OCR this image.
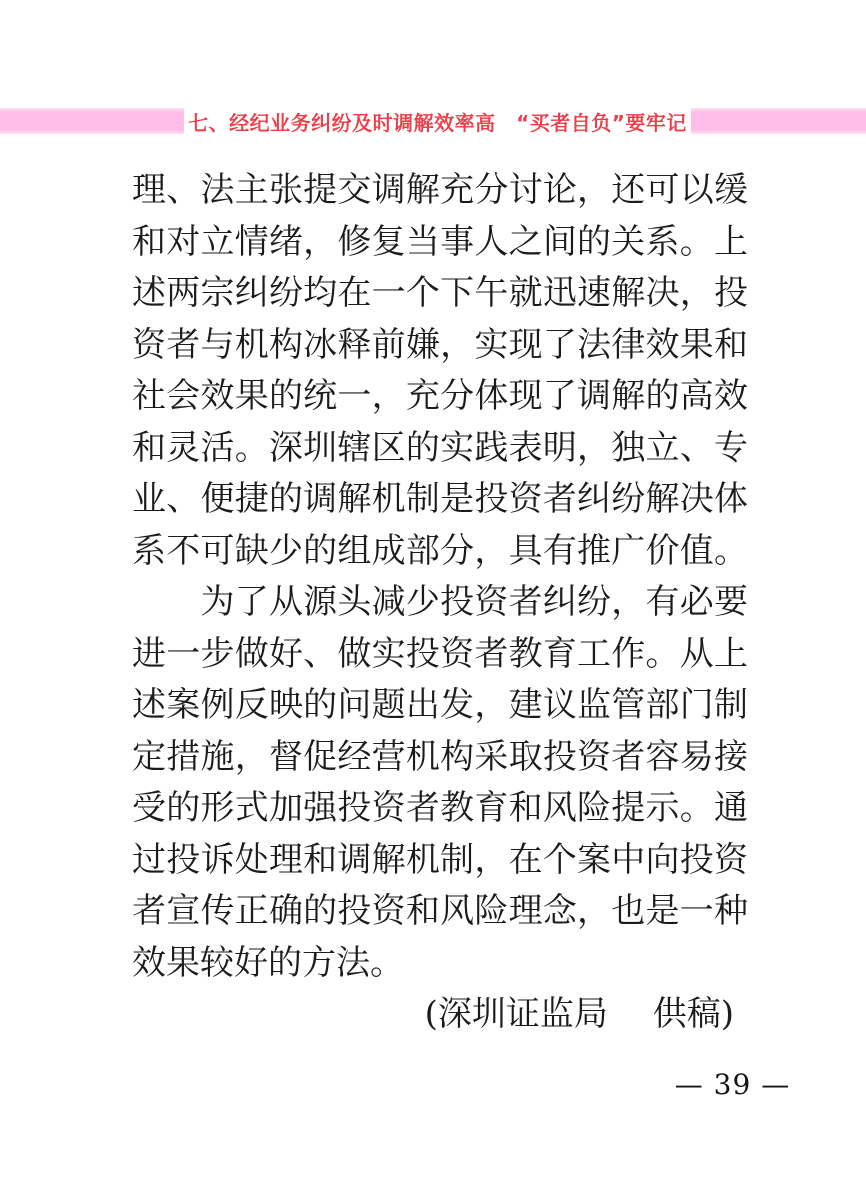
七、经纪业务纠纷及时调解效率高　“买者自负”要牢记
理、法主张提交调解充分讨论，还可以缓
和对立情绪，修复当事人之间的关系。上
述两宗纠纷均在一个下午就迅速解决，投
资者与机构冰释前嫌，实现了法律效果和
社会效果的统一，充分体现了调解的高效
和灵活。深圳辖区的实践表明，独立、专
业、便捷的调解机制是投资者纠纷解决体
系不可缺少的组成部分，具有推广价值。
　　为了从源头减少投资者纠纷，有必要
进一步做好、做实投资者教育工作。从上
述案例反映的问题出发，建议监管部门制
定措施，督促经营机构采取投资者容易接
受的形式加强投资者教育和风险提示。通
过投诉处理和调解机制，在个案中向投资
者宣传正确的投资和风险理念，也是一种
效果较好的方法。
(深圳证监局　 供稿)
— 39 —
